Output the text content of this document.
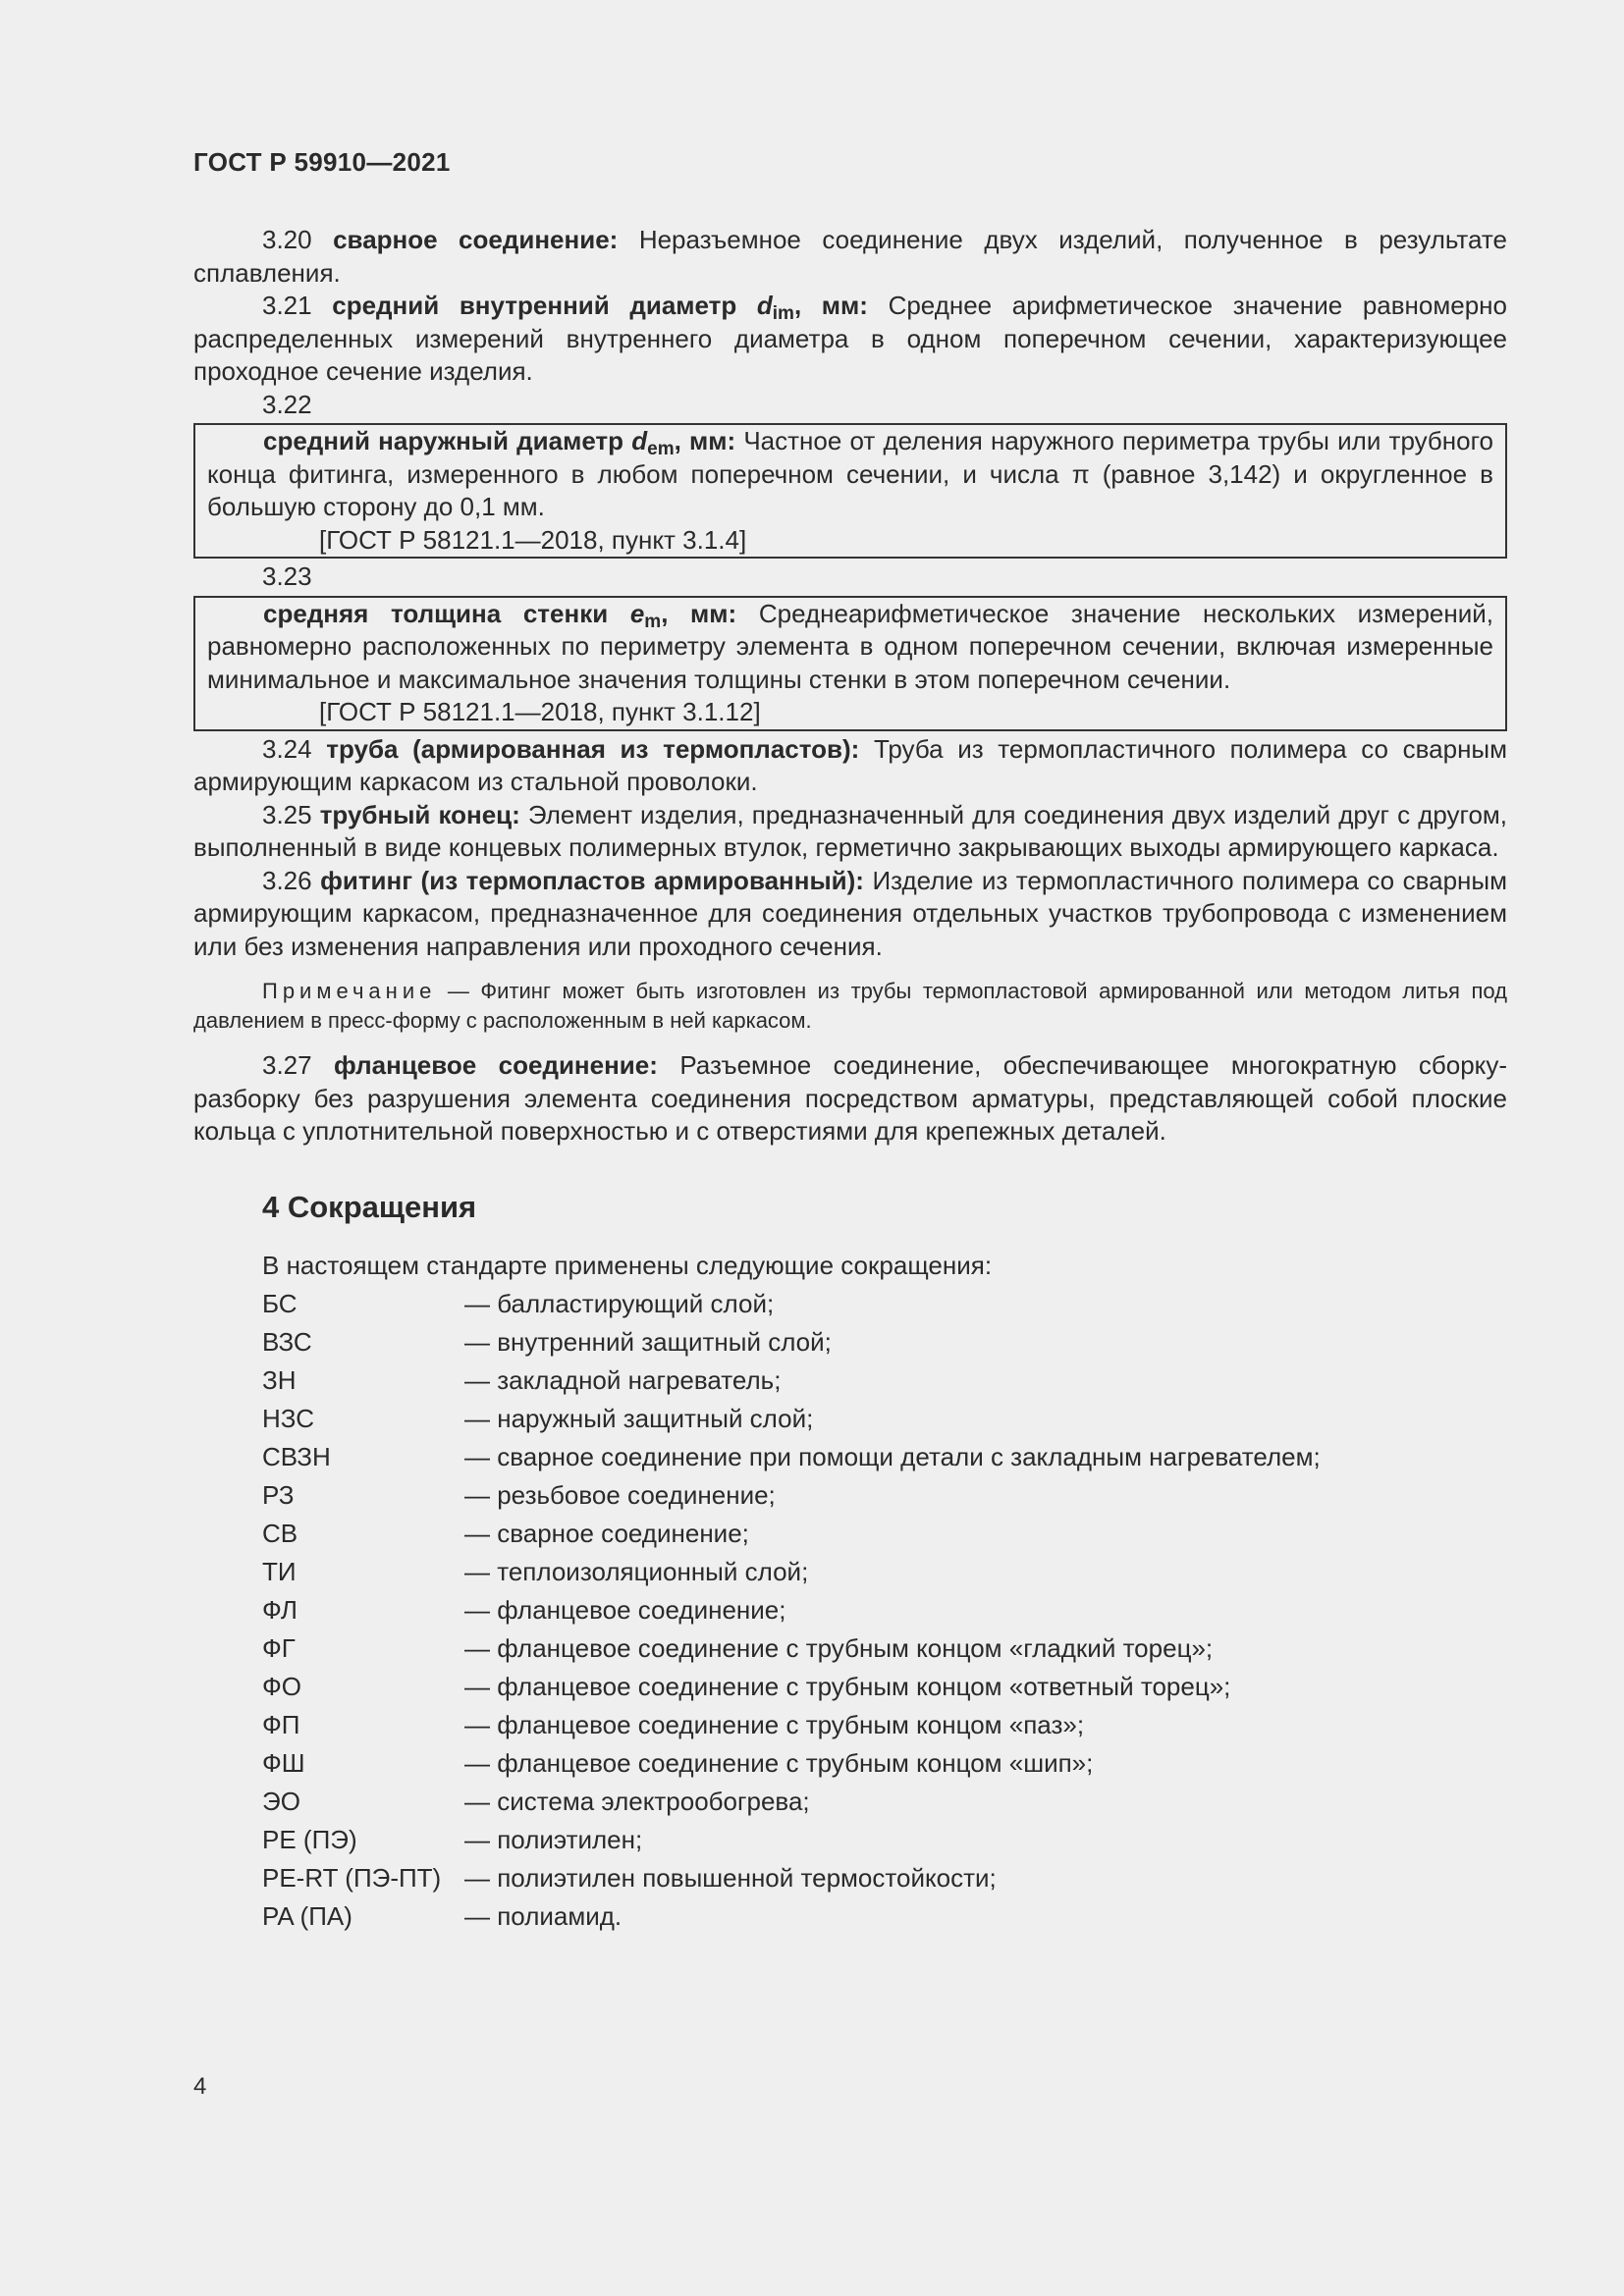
ГОСТ Р 59910—2021

3.20 сварное соединение: Неразъемное соединение двух изделий, полученное в результате сплавления.

3.21 средний внутренний диаметр $d_{im}$, мм: Среднее арифметическое значение равномерно распределенных измерений внутреннего диаметра в одном поперечном сечении, характеризующее проходное сечение изделия.

3.22

средний наружный диаметр $d_{em}$, мм: Частное от деления наружного периметра трубы или трубного конца фитинга, измеренного в любом поперечном сечении, и числа π (равное 3,142) и округленное в большую сторону до 0,1 мм.

[ГОСТ Р 58121.1—2018, пункт 3.1.4]
3.23

средняя толщина стенки $e_m$, мм: Среднеарифметическое значение нескольких измерений, равномерно расположенных по периметру элемента в одном поперечном сечении, включая измеренные минимальное и максимальное значения толщины стенки в этом поперечном сечении.

[ГОСТ Р 58121.1—2018, пункт 3.1.12]

3.24 труба (армированная из термопластов): Труба из термопластичного полимера со сварным армирующим каркасом из стальной проволоки.

3.25 трубный конец: Элемент изделия, предназначенный для соединения двух изделий друг с другом, выполненный в виде концевых полимерных втулок, герметично закрывающих выходы армирующего каркаса.

3.26 фитинг (из термопластов армированный): Изделие из термопластичного полимера со сварным армирующим каркасом, предназначенное для соединения отдельных участков трубопровода с изменением или без изменения направления или проходного сечения.

Примечание — Фитинг может быть изготовлен из трубы термопластовой армированной или методом литья под давлением в пресс-форму с расположенным в ней каркасом.

3.27 фланцевое соединение: Разъемное соединение, обеспечивающее многократную сборку-разборку без разрушения элемента соединения посредством арматуры, представляющей собой плоские кольца с уплотнительной поверхностью и с отверстиями для крепежных деталей.

4 Сокращения
В настоящем стандарте применены следующие сокращения:
БС	— балластирующий слой;
ВЗС	— внутренний защитный слой;
ЗН	— закладной нагреватель;
НЗС	— наружный защитный слой;
СВЗН	— сварное соединение при помощи детали с закладным нагревателем;
РЗ	— резьбовое соединение;
СВ	— сварное соединение;
ТИ	— теплоизоляционный слой;
ФЛ	— фланцевое соединение;
ФГ	— фланцевое соединение с трубным концом «гладкий торец»;
ФО	— фланцевое соединение с трубным концом «ответный торец»;
ФП	— фланцевое соединение с трубным концом «паз»;
ФШ	— фланцевое соединение с трубным концом «шип»;
ЭО	— система электрообогрева;
PE (ПЭ)	— полиэтилен;
PE-RT (ПЭ-ПТ) — полиэтилен повышенной термостойкости;
PA (ПА)	— полиамид.
4
